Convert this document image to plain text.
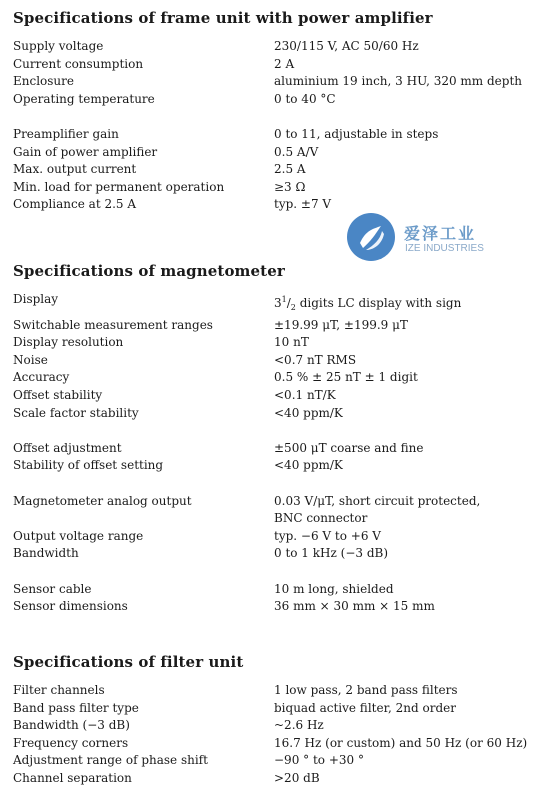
Specifications of frame unit with power amplifier
Supply voltage	230/115 V, AC 50/60 Hz
Current consumption	2 A
Enclosure	aluminium 19 inch, 3 HU, 320 mm depth
Operating temperature	0 to 40 °C
Preamplifier gain	0 to 11, adjustable in steps
Gain of power amplifier	0.5 A/V
Max. output current	2.5 A
Min. load for permanent operation	≥3 Ω
Compliance at 2.5 A	typ. ±7 V
Specifications of magnetometer
Display	$3^1/_2$ digits LC display with sign
Switchable measurement ranges	±19.99 μT, ±199.9 μT
Display resolution	10 nT
Noise	<0.7 nT RMS
Accuracy	0.5 % ± 25 nT ± 1 digit
Offset stability	<0.1 nT/K
Scale factor stability	<40 ppm/K
Offset adjustment	±500 μT coarse and fine
Stability of offset setting	<40 ppm/K
Magnetometer analog output	0.03 V/μT, short circuit protected,
BNC connector
Output voltage range	typ. −6 V to +6 V
Bandwidth	0 to 1 kHz (−3 dB)
Sensor cable	10 m long, shielded
Sensor dimensions	36 mm × 30 mm × 15 mm
Specifications of filter unit
Filter channels	1 low pass, 2 band pass filters
Band pass filter type	biquad active filter, 2nd order
Bandwidth (−3 dB)	~2.6 Hz
Frequency corners	16.7 Hz (or custom) and 50 Hz (or 60 Hz)
Adjustment range of phase shift	−90 ° to +30 °
Channel separation	>20 dB
爱泽工业
IZE INDUSTRIES
